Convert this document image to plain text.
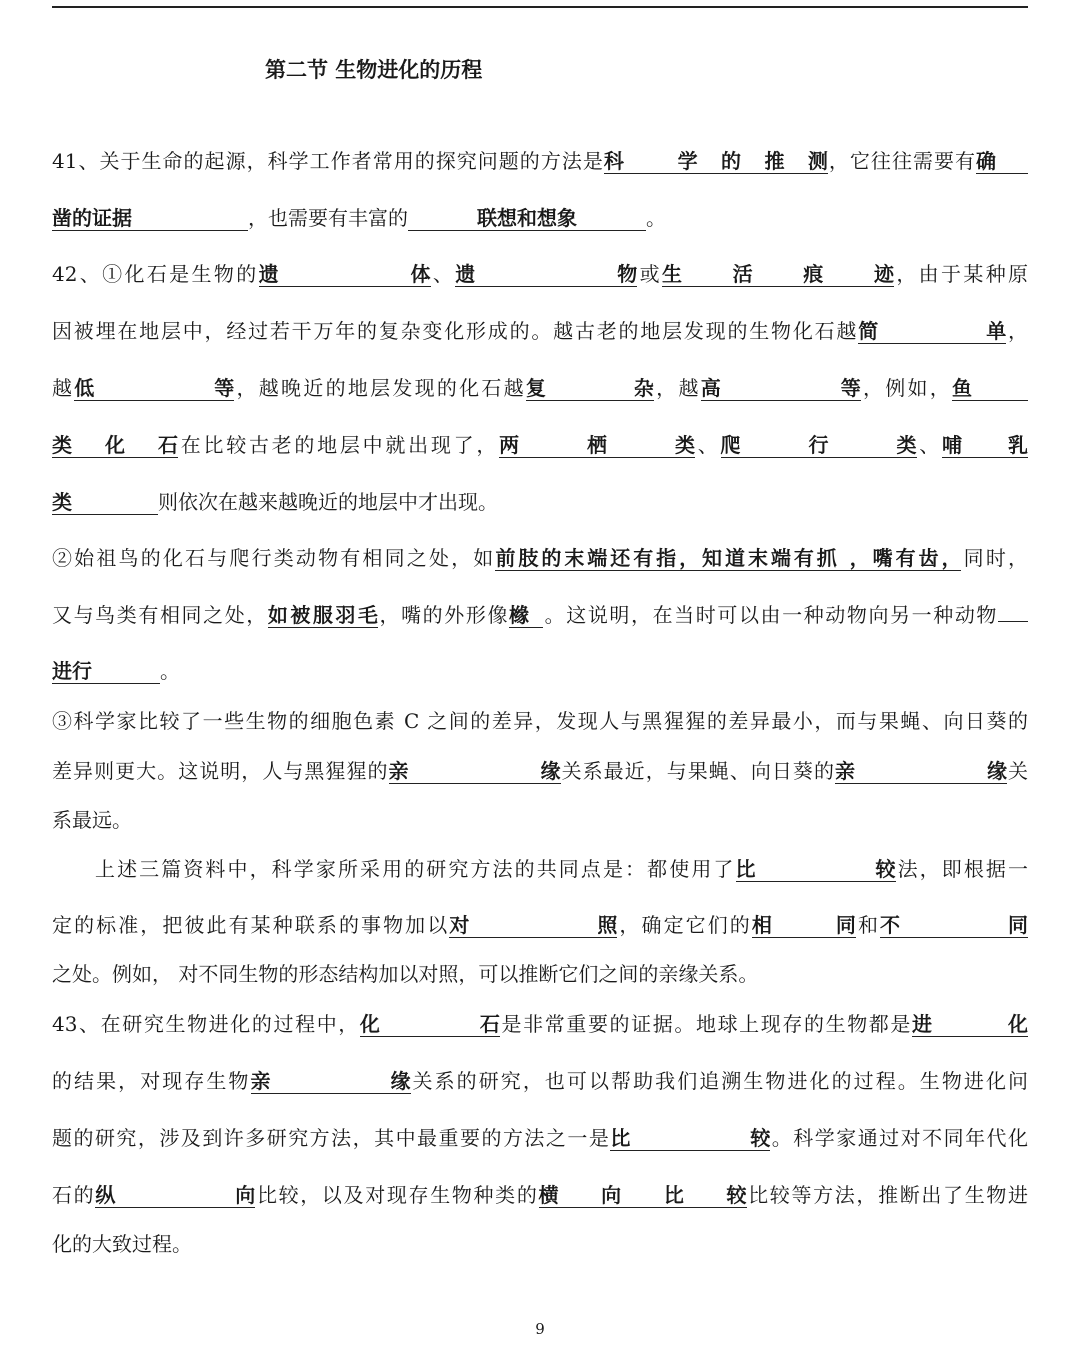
第二节 生物进化的历程
41、关于生命的起源，科学工作者常用的探究问题的方法是科 学的推测，它往往需要有确
凿的证据	，也需要有丰富的	联想和想象	。
42、①化石是生物的遗体、遗物或生活痕迹，由于某种原
因被埋在地层中，经过若干万年的复杂变化形成的。越古老的地层发现的生物化石越简单，
越低等，越晚近的地层发现的化石越复杂，越高等，例如，鱼
类化石在比较古老的地层中就出现了，两栖类、爬行类、哺乳
类	则依次在越来越晚近的地层中才出现。
②始祖鸟的化石与爬行类动物有相同之处，如前肢的末端还有指，知道末端有抓 ，嘴有齿，同时，
又与鸟类有相同之处，如被服羽毛，嘴的外形像橼 。这说明，在当时可以由一种动物向另一种动物
进行	。
③科学家比较了一些生物的细胞色素 C 之间的差异，发现人与黑猩猩的差异最小，而与果蝇、向日葵的
差异则更大。这说明，人与黑猩猩的亲缘关系最近，与果蝇、向日葵的亲缘关
系最远。
上述三篇资料中，科学家所采用的研究方法的共同点是：都使用了比较法，即根据一
定的标准，把彼此有某种联系的事物加以对照，确定它们的相同和不同
之处。例如， 对不同生物的形态结构加以对照，可以推断它们之间的亲缘关系。
43、在研究生物进化的过程中，化石是非常重要的证据。地球上现存的生物都是进化
的结果，对现存生物亲缘关系的研究，也可以帮助我们追溯生物进化的过程。生物进化问
题的研究，涉及到许多研究方法，其中最重要的方法之一是比较。科学家通过对不同年代化
石的纵向比较，以及对现存生物种类的横向比较比较等方法，推断出了生物进
化的大致过程。
9
